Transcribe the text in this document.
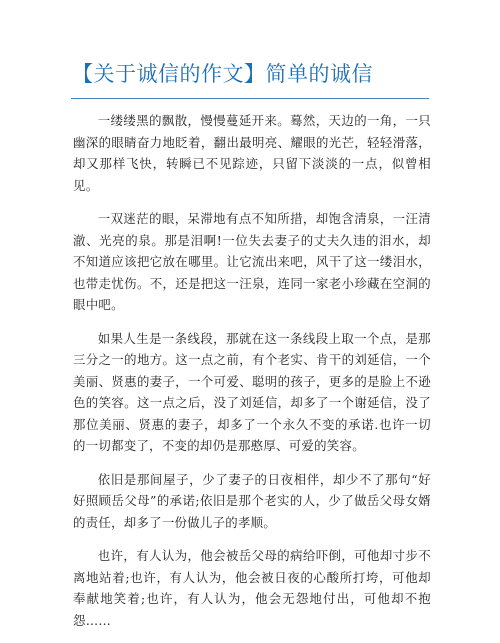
【关于诚信的作文】简单的诚信

一缕缕黑的飘散，慢慢蔓延开来。蓦然，天边的一角，一只幽深的眼睛奋力地眨着，翻出最明亮、耀眼的光芒，轻轻滑落，却又那样飞快，转瞬已不见踪迹，只留下淡淡的一点，似曾相见。

一双迷茫的眼，呆滞地有点不知所措，却饱含清泉，一汪清澈、光亮的泉。那是泪啊!一位失去妻子的丈夫久违的泪水，却不知道应该把它放在哪里。让它流出来吧，风干了这一缕泪水，也带走忧伤。不，还是把这一汪泉，连同一家老小珍藏在空洞的眼中吧。

如果人生是一条线段，那就在这一条线段上取一个点，是那三分之一的地方。这一点之前，有个老实、肯干的刘延信，一个美丽、贤惠的妻子，一个可爱、聪明的孩子，更多的是脸上不逊色的笑容。这一点之后，没了刘延信，却多了一个谢延信，没了那位美丽、贤惠的妻子，却多了一个永久不变的承诺.也许一切的一切都变了，不变的却仍是那憨厚、可爱的笑容。

依旧是那间屋子，少了妻子的日夜相伴，却少不了那句“好好照顾岳父母”的承诺;依旧是那个老实的人，少了做岳父母女婿的责任，却多了一份做儿子的孝顺。

也许，有人认为，他会被岳父母的病给吓倒，可他却寸步不离地站着;也许，有人认为，他会被日夜的心酸所打垮，可他却奉献地笑着;也许，有人认为，他会无怨地付出，可他却不抱怨……
